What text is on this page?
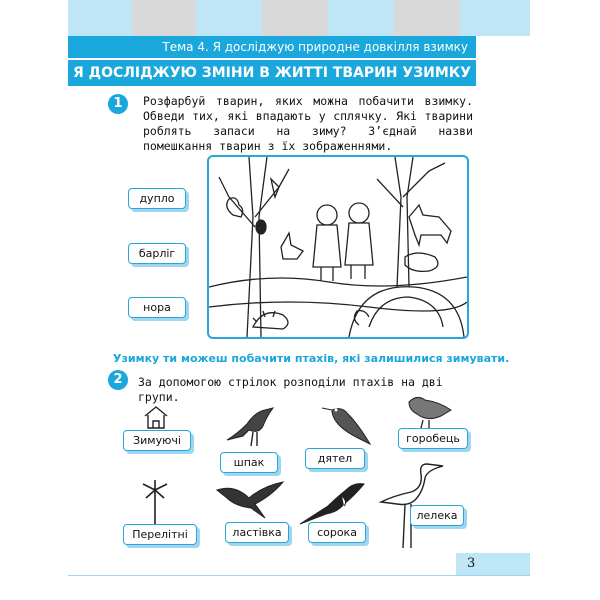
Тема 4. Я досліджую природне довкілля взимку
Я ДОСЛІДЖУЮ ЗМІНИ В ЖИТТІ ТВАРИН УЗИМКУ
1	Розфарбуй тварин, яких можна побачити взимку. Обведи тих, які впадають у сплячку. Які тварини роблять запаси на зиму? З’єднай назви помешкання тварин з їх зображеннями.
дупло
барліг
нора
Узимку ти можеш побачити птахів, які залишилися зимувати.
2	За допомогою стрілок розподіли птахів на дві групи.
Зимуючі
Перелітні
шпак	дятел
горобець
ластівка	сорока
лелека
3
